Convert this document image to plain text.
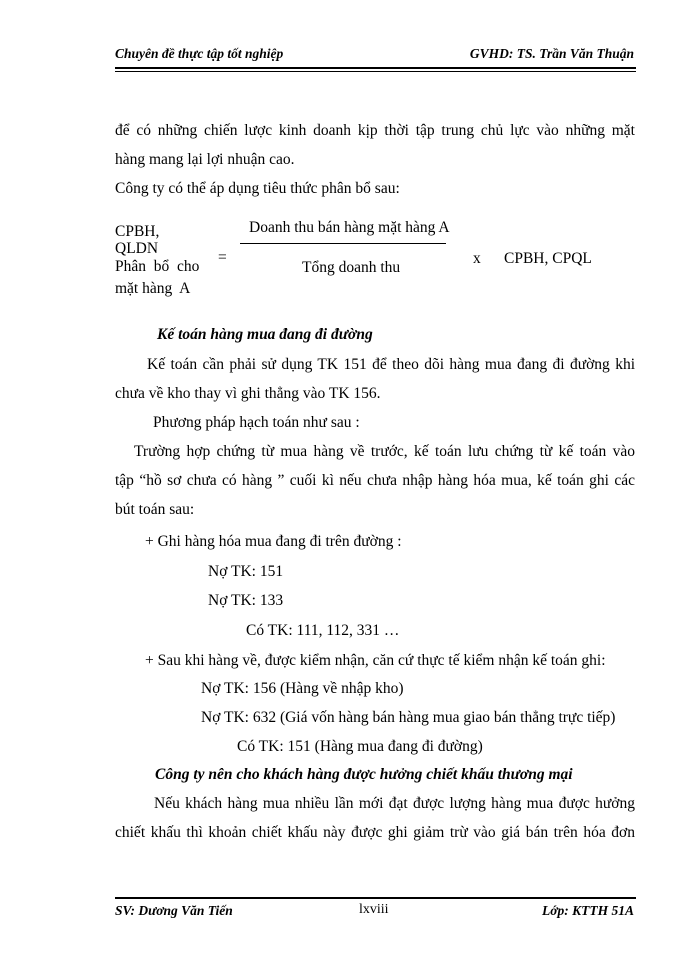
Chuyên đề thực tập tốt nghiệp	GVHD: TS. Trần Văn Thuận
để có những chiến lược kinh doanh kịp thời tập trung chủ lực vào những mặt
hàng mang lại lợi nhuận cao.
Công ty có thể áp dụng tiêu thức phân bổ sau:
CPBH,
QLDN
Phân  bổ  cho
mặt hàng  A
=
Doanh thu bán hàng mặt hàng A
Tổng doanh thu
x CPBH, CPQL
Kế toán hàng mua đang đi đường
Kế toán cần phải sử dụng TK 151 để theo dõi hàng mua đang đi đường khi
chưa về kho thay vì ghi thẳng vào TK 156.
Phương pháp hạch toán như sau :
Trường hợp chứng từ mua hàng về trước, kế toán lưu chứng từ kế toán vào
tập “hồ sơ chưa có hàng ” cuối kì nếu chưa nhập hàng hóa mua, kế toán ghi các
bút toán sau:
+ Ghi hàng hóa mua đang đi trên đường :
Nợ TK: 151
Nợ TK: 133
Có TK: 111, 112, 331 …
+ Sau khi hàng về, được kiểm nhận, căn cứ thực tế kiểm nhận kế toán ghi:
Nợ TK: 156 (Hàng về nhập kho)
Nợ TK: 632 (Giá vốn hàng bán hàng mua giao bán thẳng trực tiếp)
Có TK: 151 (Hàng mua đang đi đường)
Công ty nên cho khách hàng được hưởng chiết khấu thương mại
Nếu khách hàng mua nhiều lần mới đạt được lượng hàng mua được hưởng
chiết khấu thì khoản chiết khấu này được ghi giảm trừ vào giá bán trên hóa đơn
SV: Dương Văn Tiến	lxviii	Lớp: KTTH 51A
